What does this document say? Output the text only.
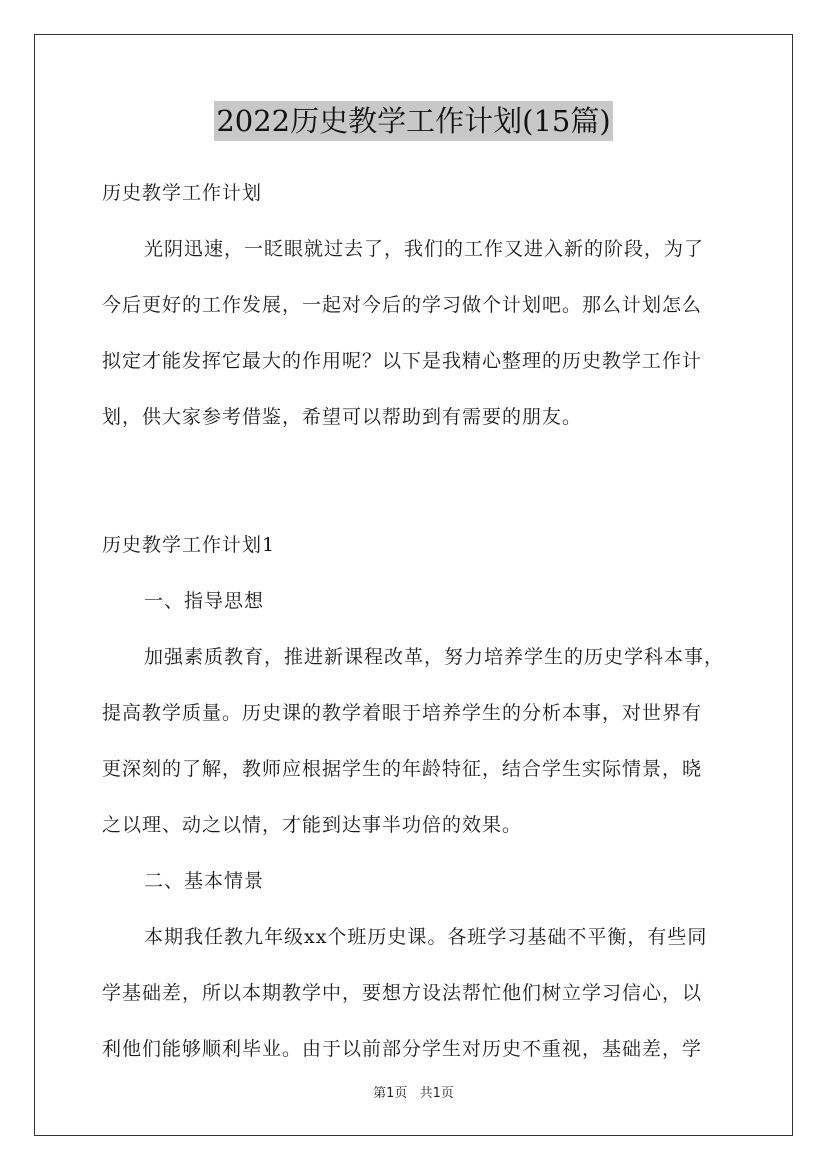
2022历史教学工作计划(15篇)

历史教学工作计划

光阴迅速，一眨眼就过去了，我们的工作又进入新的阶段，为了

今后更好的工作发展，一起对今后的学习做个计划吧。那么计划怎么

拟定才能发挥它最大的作用呢？以下是我精心整理的历史教学工作计

划，供大家参考借鉴，希望可以帮助到有需要的朋友。

历史教学工作计划1

一、指导思想

加强素质教育，推进新课程改革，努力培养学生的历史学科本事，

提高教学质量。历史课的教学着眼于培养学生的分析本事，对世界有

更深刻的了解，教师应根据学生的年龄特征，结合学生实际情景，晓

之以理、动之以情，才能到达事半功倍的效果。

二、基本情景

本期我任教九年级xx个班历史课。各班学习基础不平衡，有些同

学基础差，所以本期教学中，要想方设法帮忙他们树立学习信心，以

利他们能够顺利毕业。由于以前部分学生对历史不重视，基础差，学

第1页 共1页
